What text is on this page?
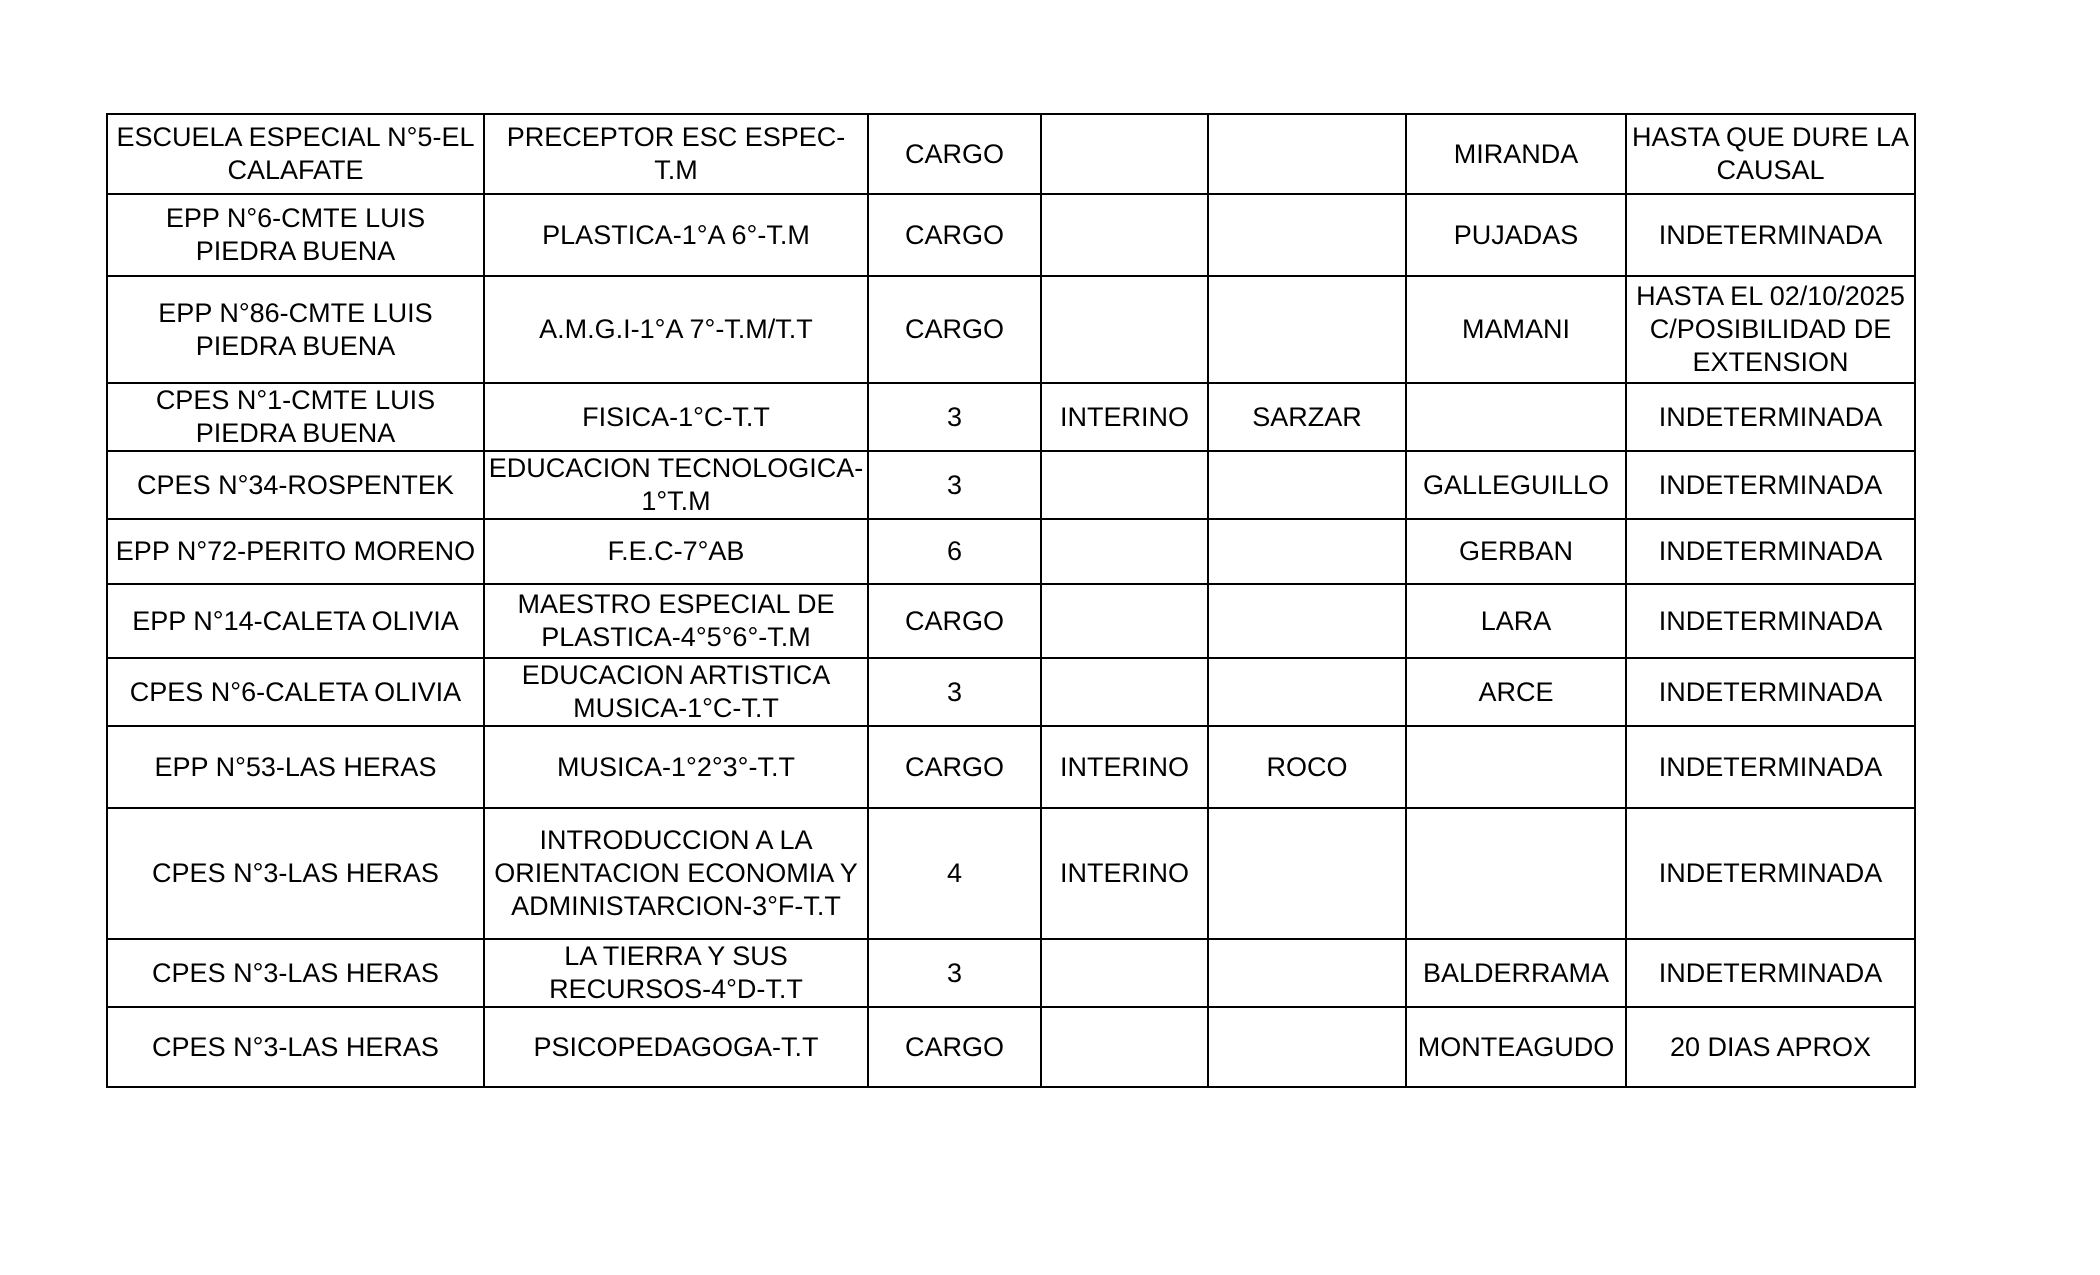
ESCUELA ESPECIAL N°5-EL
CALAFATE	PRECEPTOR ESC ESPEC-
T.M	CARGO			MIRANDA	HASTA QUE DURE LA
CAUSAL
EPP N°6-CMTE LUIS
PIEDRA BUENA	PLASTICA-1°A 6°-T.M	CARGO			PUJADAS	INDETERMINADA
EPP N°86-CMTE LUIS
PIEDRA BUENA	A.M.G.I-1°A 7°-T.M/T.T	CARGO			MAMANI	HASTA EL 02/10/2025
C/POSIBILIDAD DE
EXTENSION
CPES N°1-CMTE LUIS
PIEDRA BUENA	FISICA-1°C-T.T	3	INTERINO	SARZAR		INDETERMINADA
CPES N°34-ROSPENTEK	EDUCACION TECNOLOGICA-
1°T.M	3			GALLEGUILLO	INDETERMINADA
EPP N°72-PERITO MORENO	F.E.C-7°AB	6			GERBAN	INDETERMINADA
EPP N°14-CALETA OLIVIA	MAESTRO ESPECIAL DE
PLASTICA-4°5°6°-T.M	CARGO			LARA	INDETERMINADA
CPES N°6-CALETA OLIVIA	EDUCACION ARTISTICA
MUSICA-1°C-T.T	3			ARCE	INDETERMINADA
EPP N°53-LAS HERAS	MUSICA-1°2°3°-T.T	CARGO	INTERINO	ROCO		INDETERMINADA
CPES N°3-LAS HERAS	INTRODUCCION A LA
ORIENTACION ECONOMIA Y
ADMINISTARCION-3°F-T.T	4	INTERINO			INDETERMINADA
CPES N°3-LAS HERAS	LA TIERRA Y SUS
RECURSOS-4°D-T.T	3			BALDERRAMA	INDETERMINADA
CPES N°3-LAS HERAS	PSICOPEDAGOGA-T.T	CARGO			MONTEAGUDO	20 DIAS APROX
